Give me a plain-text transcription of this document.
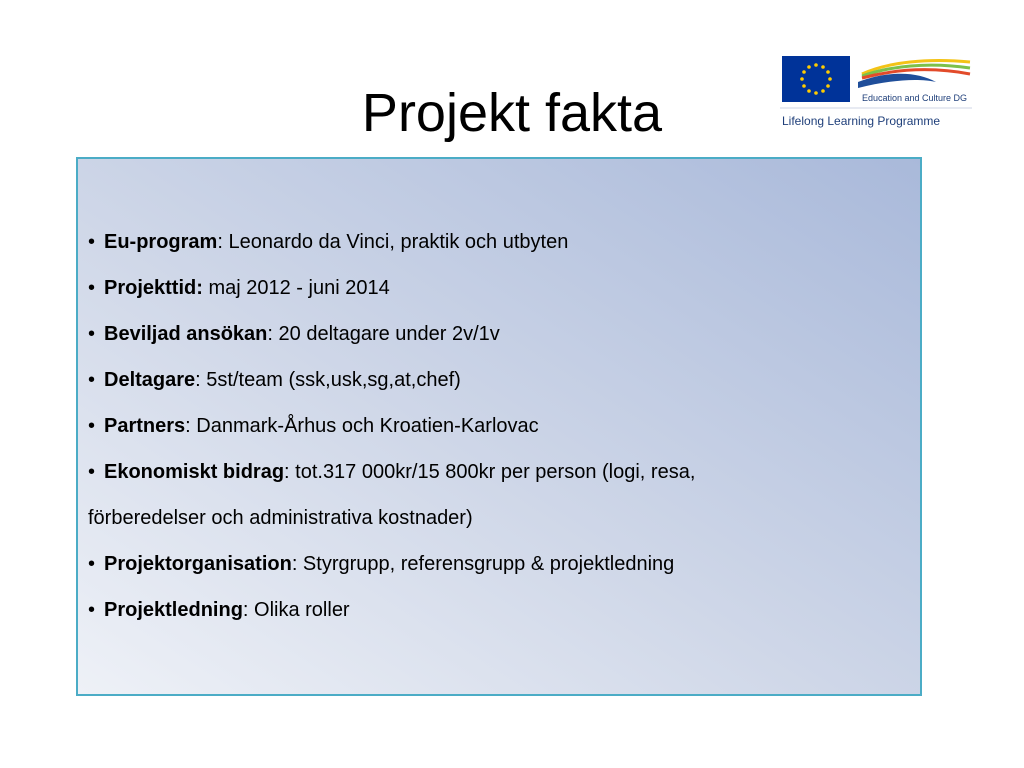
Projekt fakta	Education and Culture DG
Lifelong Learning Programme
• Eu-program: Leonardo da Vinci, praktik och utbyten
• Projekttid: maj 2012 - juni 2014
• Beviljad ansökan: 20 deltagare under 2v/1v
• Deltagare: 5st/team (ssk,usk,sg,at,chef)
• Partners: Danmark-Århus och Kroatien-Karlovac
• Ekonomiskt bidrag: tot.317 000kr/15 800kr per person (logi, resa,
förberedelser och administrativa kostnader)
• Projektorganisation: Styrgrupp, referensgrupp & projektledning
• Projektledning: Olika roller
